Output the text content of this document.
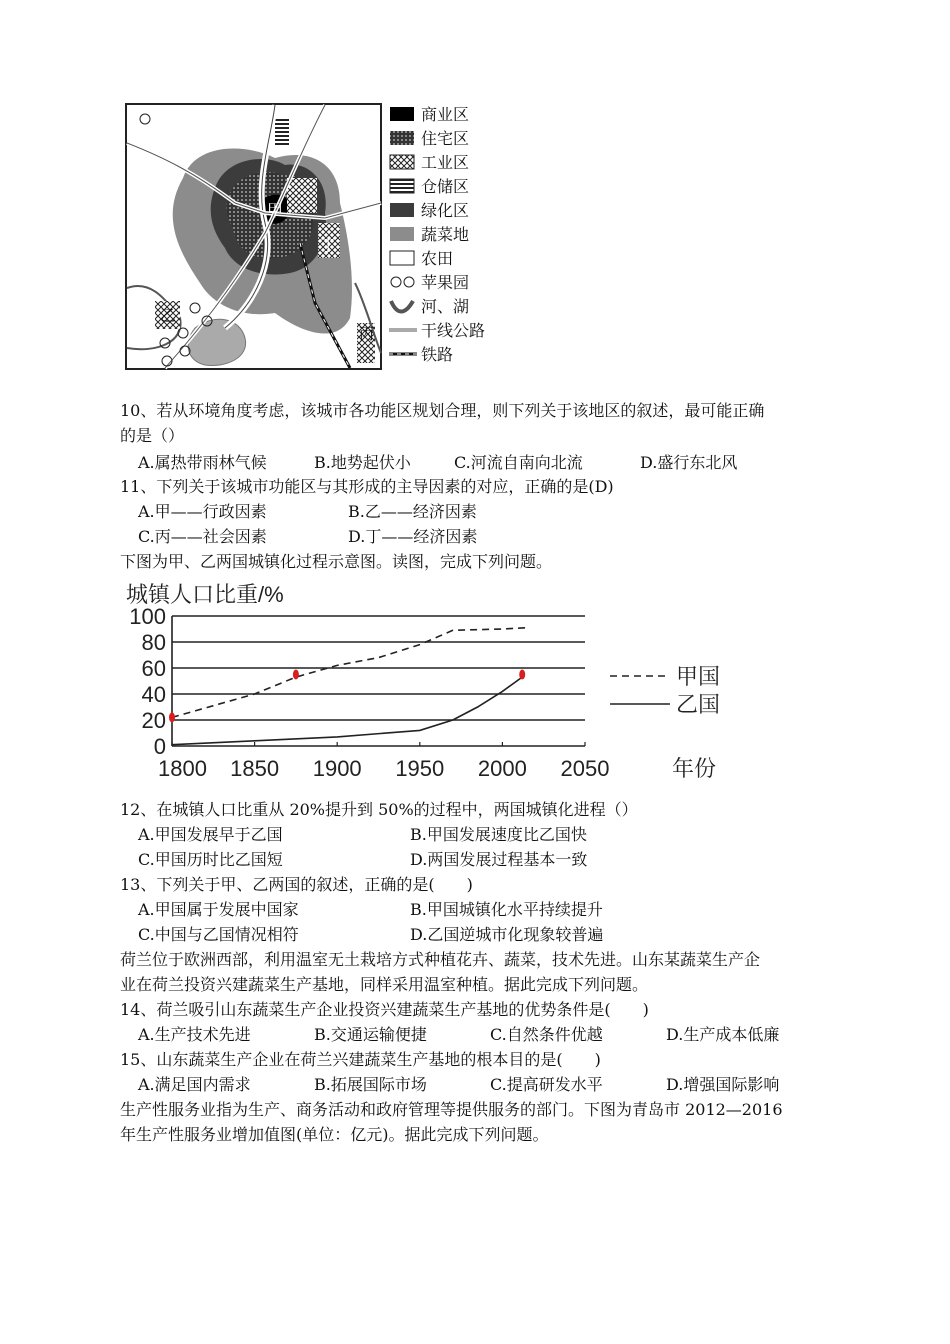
甲
丁
乙
丙
商业区
住宅区
工业区
仓储区
绿化区
蔬菜地
农田
苹果园
河、湖
干线公路
铁路
10、若从环境角度考虑，该城市各功能区规划合理，则下列关于该地区的叙述，最可能正确
的是（）
A.属热带雨林气候	B.地势起伏小	C.河流自南向北流	D.盛行东北风
11、下列关于该城市功能区与其形成的主导因素的对应，正确的是(D)
A.甲——行政因素	B.乙——经济因素
C.丙——社会因素	D.丁——经济因素
下图为甲、乙两国城镇化过程示意图。读图，完成下列问题。
城镇人口比重/%
0
20
40
60
80
100
1800 1850 1900 1950 2000 2050
甲国
乙国
年份
12、在城镇人口比重从 20%提升到 50%的过程中，两国城镇化进程（）
A.甲国发展早于乙国	B.甲国发展速度比乙国快
C.甲国历时比乙国短	D.两国发展过程基本一致
13、下列关于甲、乙两国的叙述，正确的是(　　)
A.甲国属于发展中国家	B.甲国城镇化水平持续提升
C.中国与乙国情况相符	D.乙国逆城市化现象较普遍
荷兰位于欧洲西部，利用温室无土栽培方式种植花卉、蔬菜，技术先进。山东某蔬菜生产企
业在荷兰投资兴建蔬菜生产基地，同样采用温室种植。据此完成下列问题。
14、荷兰吸引山东蔬菜生产企业投资兴建蔬菜生产基地的优势条件是(　　)
A.生产技术先进	B.交通运输便捷	C.自然条件优越	D.生产成本低廉
15、山东蔬菜生产企业在荷兰兴建蔬菜生产基地的根本目的是(　　)
A.满足国内需求	B.拓展国际市场	C.提高研发水平	D.增强国际影响
生产性服务业指为生产、商务活动和政府管理等提供服务的部门。下图为青岛市 2012—2016
年生产性服务业增加值图(单位：亿元)。据此完成下列问题。
